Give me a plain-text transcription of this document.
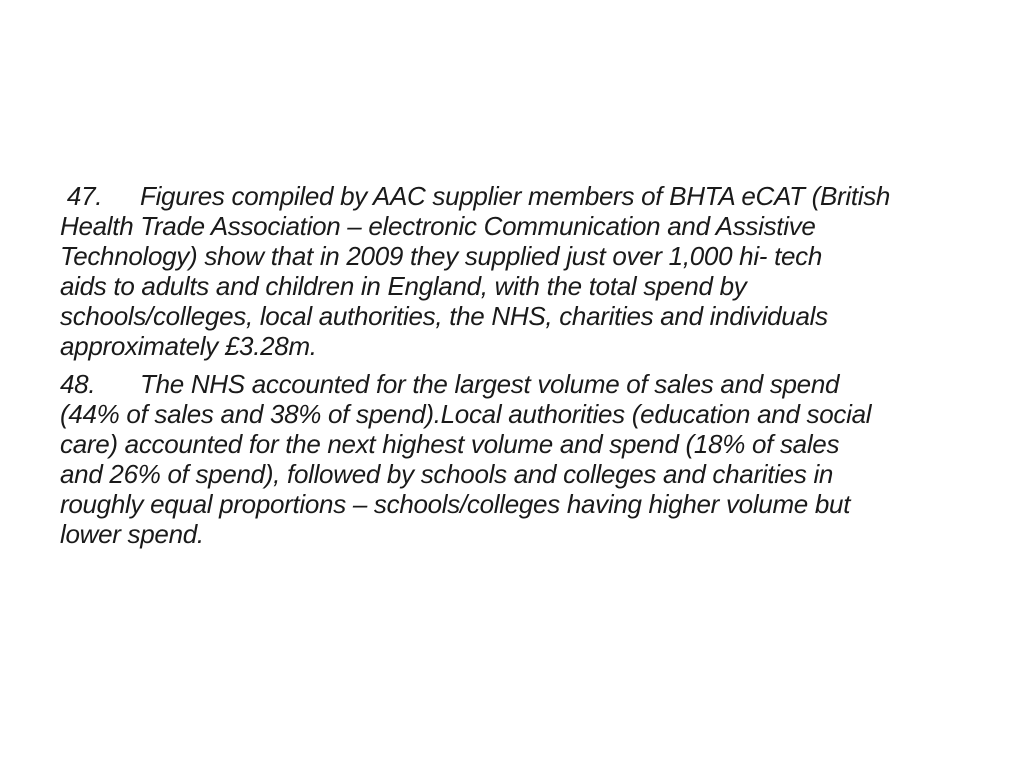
47. Figures compiled by AAC supplier members of BHTA eCAT (British
Health Trade Association – electronic Communication and Assistive
Technology) show that in 2009 they supplied just over 1,000 hi- tech
aids to adults and children in England, with the total spend by
schools/colleges, local authorities, the NHS, charities and individuals
approximately £3.28m.
48. The NHS accounted for the largest volume of sales and spend
(44% of sales and 38% of spend).Local authorities (education and social
care) accounted for the next highest volume and spend (18% of sales
and 26% of spend), followed by schools and colleges and charities in
roughly equal proportions – schools/colleges having higher volume but
lower spend.
